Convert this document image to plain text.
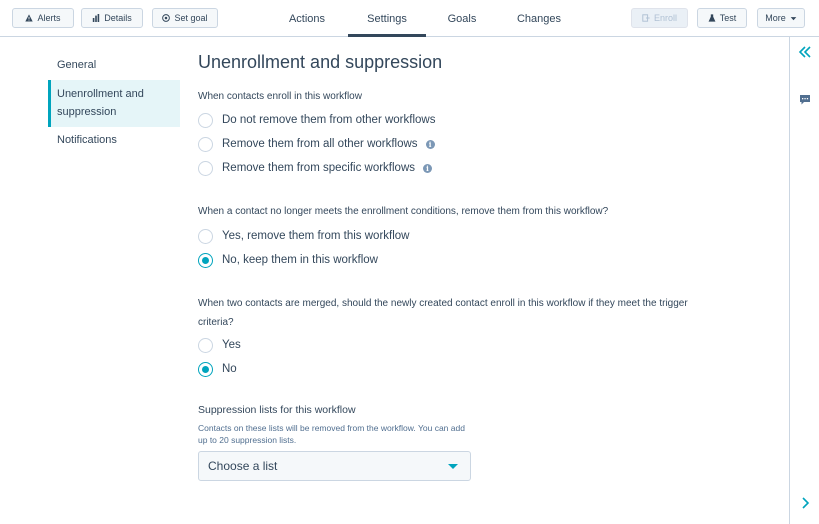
Alerts	Details	Set goal	Actions	Settings	Goals	Changes	Enroll	Test	More
General
Unenrollment and suppression
Notifications
Unenrollment and suppression
When contacts enroll in this workflow
Do not remove them from other workflows
Remove them from all other workflows	i
Remove them from specific workflows	i
When a contact no longer meets the enrollment conditions, remove them from this workflow?
Yes, remove them from this workflow
No, keep them in this workflow
When two contacts are merged, should the newly created contact enroll in this workflow if they meet the trigger criteria?
Yes
No
Suppression lists for this workflow
Contacts on these lists will be removed from the workflow. You can add up to 20 suppression lists.
Choose a list
